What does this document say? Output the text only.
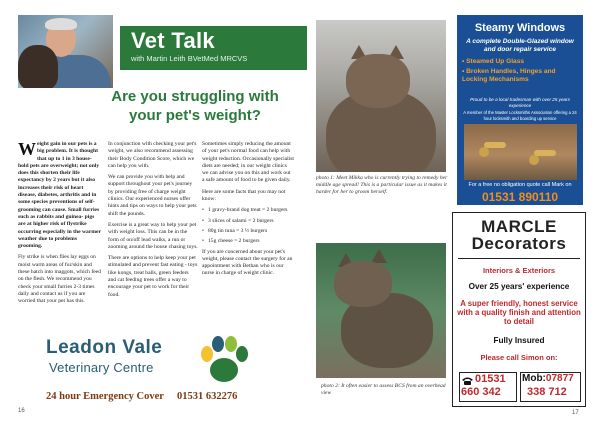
Vet Talk
with Martin Leith BVetMed MRCVS
Are you struggling with
your pet's weight?

Weight gain in our pets is a big problem. It is thought that up to 1 in 3 house-hold pets are overweight; not only does this shorten their life expectancy by 2 years but it also increases their risk of heart disease, diabetes, arthritis and in some species preventions of self-grooming can cause. Small furries such as rabbits and guinea- pigs are at higher risk of flystrike occurring especially in the warmer weather due to problems grooming.

Fly strike is when flies lay eggs on moist warm areas of fur/skin and these hatch into maggots, which feed on the flesh. We recommend you check your small furries 2-3 times daily and contact us if you are worried that your pet has this.

In conjunction with checking your pet's weight, we also recommend assessing their Body Condition Score, which we can help you with.

We can provide you with help and support throughout your pet's journey by providing free of charge weight clinics. Our experienced nurses offer hints and tips on ways to help your pets shift the pounds.

Exercise is a great way to help your pet with weight loss. This can be in the form of on/off lead walks, a run or zooming around the house chasing toys.

There are options to help keep your pet stimulated and prevent fast eating - toys like kongs, treat balls, green feeders and cat feeding trees offer a way to encourage your pet to work for their food.

Sometimes simply reducing the amount of your pet's normal food can help with weight reduction. Occasionally specialist diets are needed; in our weight clinics we can advise you on this and work out a safe amount of food to be given daily.

Here are some facts that you may not know:

• 1 gravy-brand dog treat = 2 burgers
• 3 slices of salami = 2 burgers
• 80g tin tuna = 3 ½ burgers
• 15g cheese = 2 burgers

If you are concerned about your pet's weight, please contact the surgery for an appointment with Bethan who is our nurse in charge of weight clinic.

Leadon Vale
Veterinary Centre
24 hour Emergency Cover 01531 632276
16
photo 1: Meet Mikka who is currently trying to remedy her middle age spread! This is a particular issue as it makes it harder for her to groom herself.
photo 2: It often easier to assess BCS from an overhead view
Steamy Windows
A complete Double-Glazed window and door repair service
• Steamed Up Glass
• Broken Handles, Hinges and Locking Mechanisms
Proud to be a local tradesman with over 25 years experience
A member of the Master Locksmiths Association offering a 24 hour locksmith and boarding up service
For a free no obligation quote call Mark on
01531 890110
MARCLE
Decorators
Interiors & Exteriors
Over 25 years' experience
A super friendly, honest service with a quality finish and attention to detail
Fully Insured
Please call Simon on:
01531
660 342
Mob:07877
338 712
17
